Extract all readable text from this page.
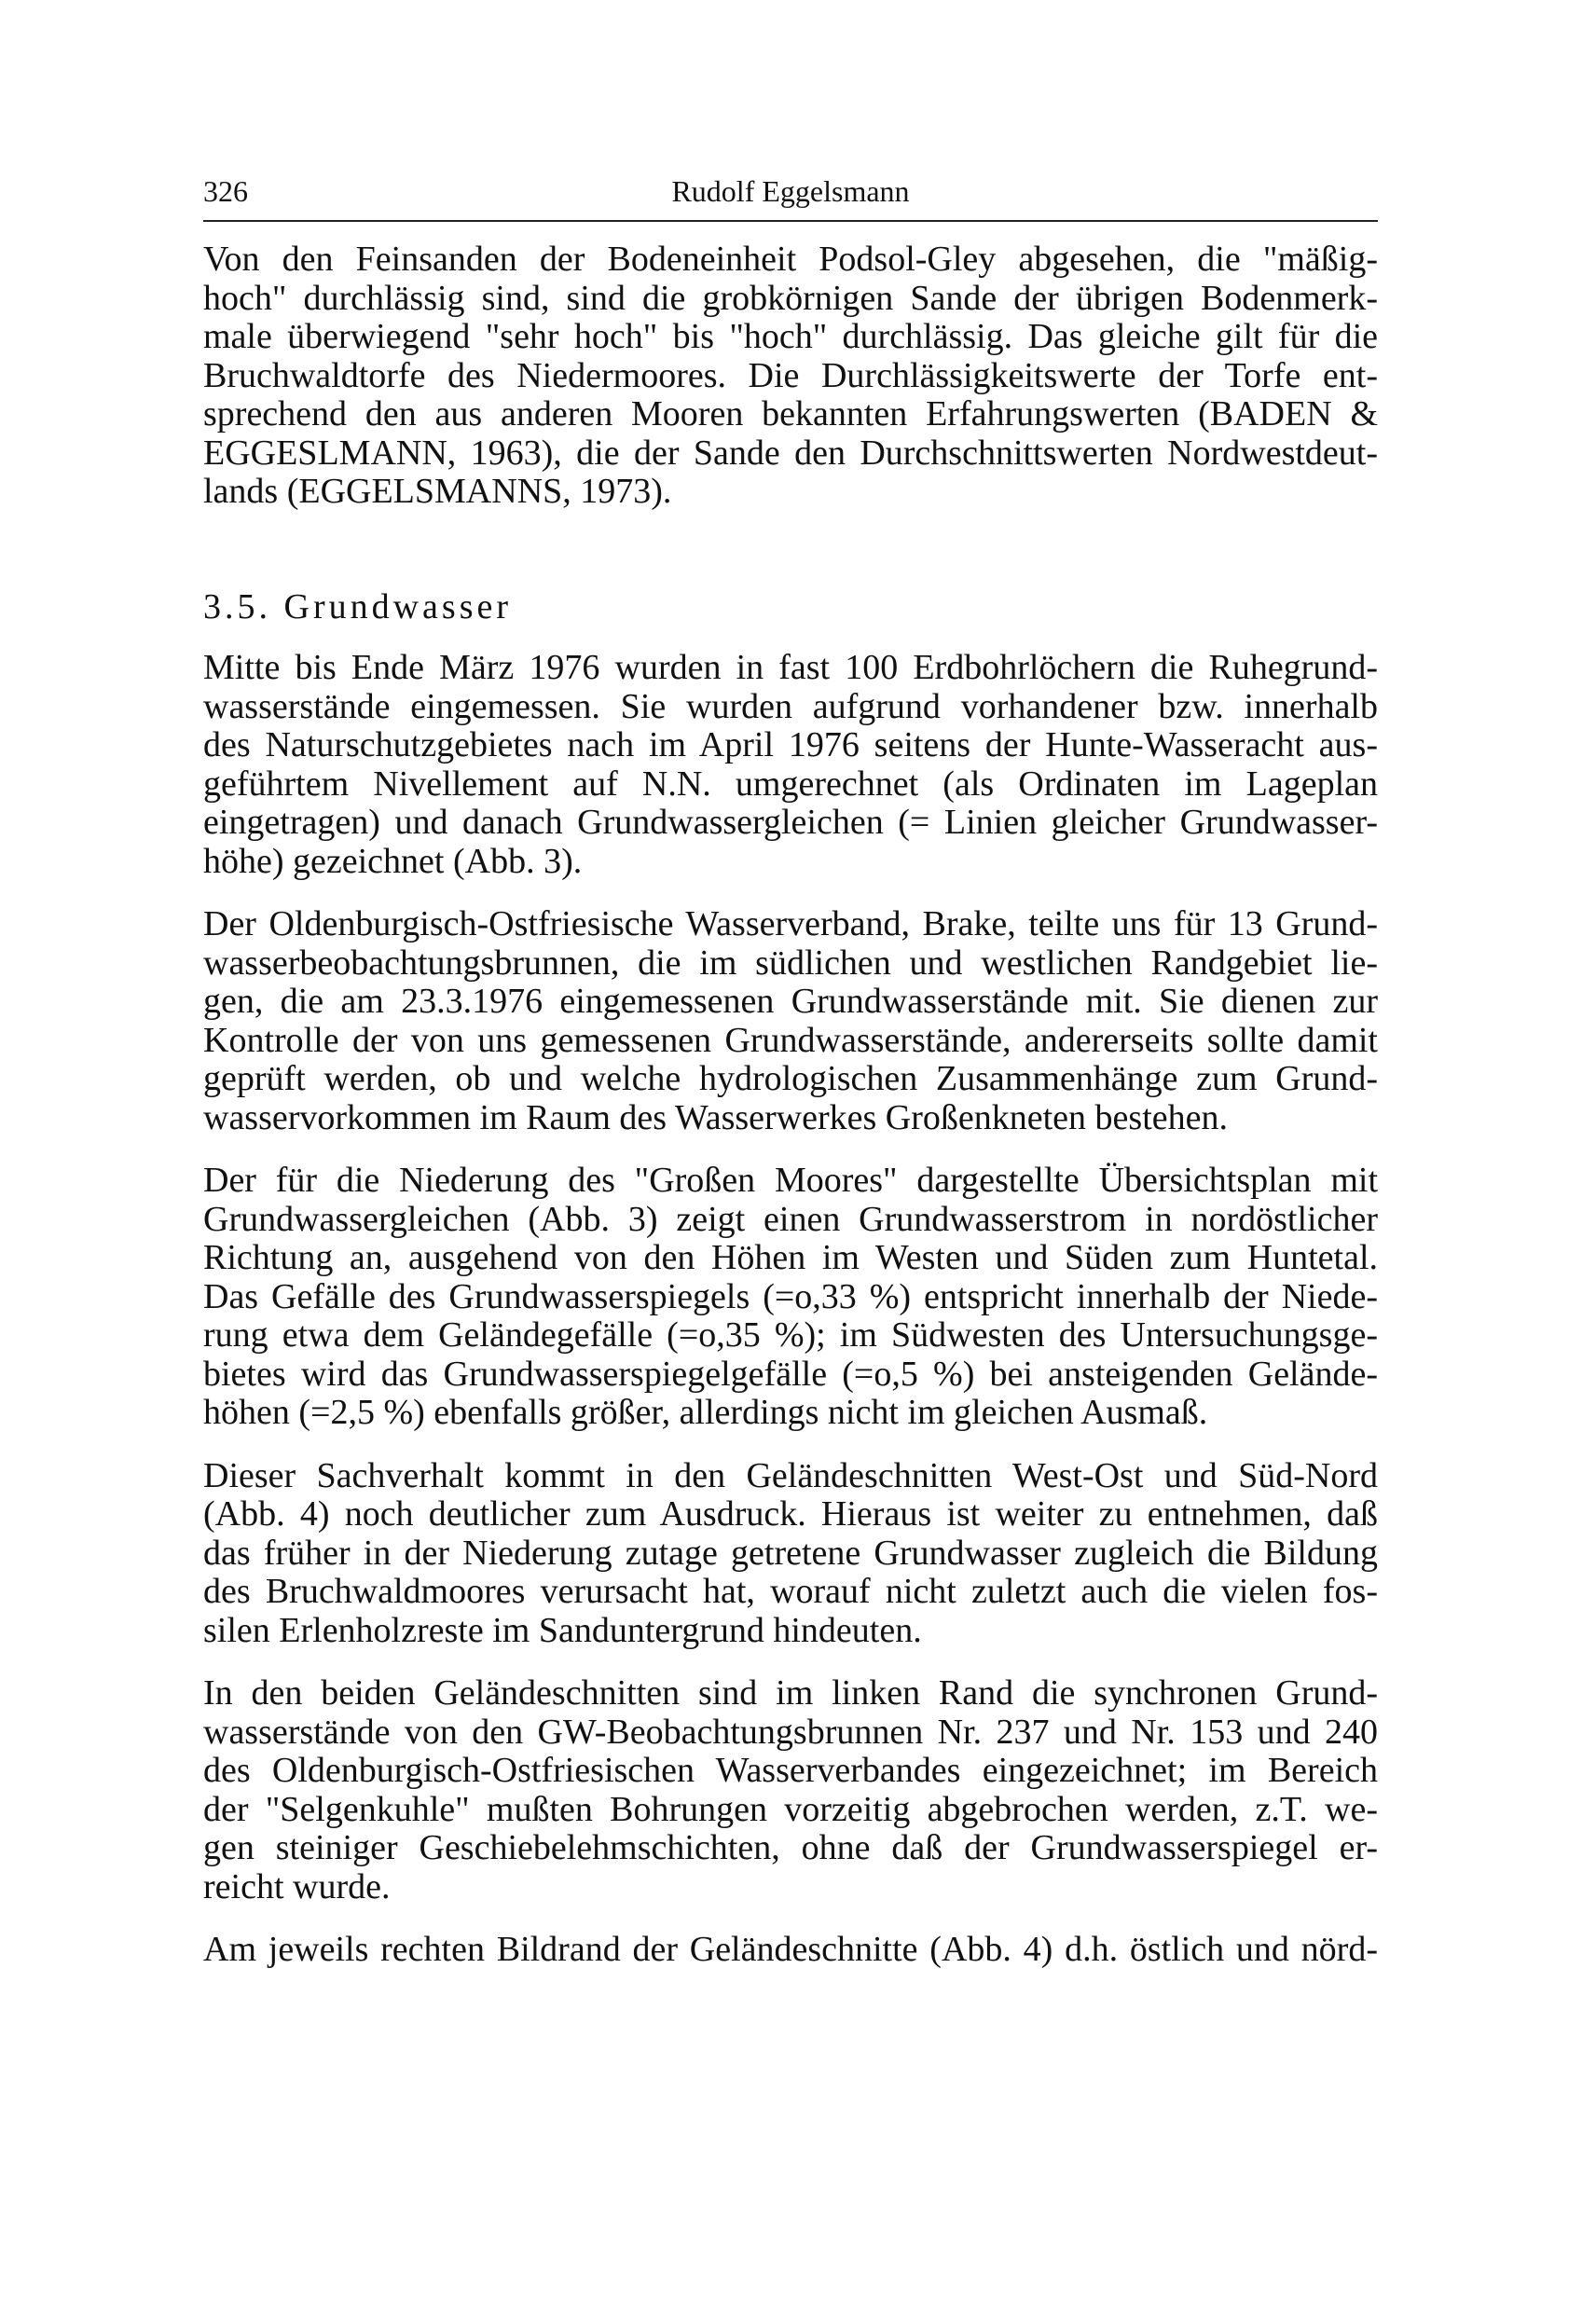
326	Rudolf Eggelsmann

Von den Feinsanden der Bodeneinheit Podsol-Gley abgesehen, die "mäßig-
hoch" durchlässig sind, sind die grobkörnigen Sande der übrigen Bodenmerk-
male überwiegend "sehr hoch" bis "hoch" durchlässig. Das gleiche gilt für die
Bruchwaldtorfe des Niedermoores. Die Durchlässigkeitswerte der Torfe ent-
sprechend den aus anderen Mooren bekannten Erfahrungswerten (BADEN &
EGGESLMANN, 1963), die der Sande den Durchschnittswerten Nordwestdeut-
lands (EGGELSMANNS, 1973).

3.5. Grundwasser

Mitte bis Ende März 1976 wurden in fast 100 Erdbohrlöchern die Ruhegrund-
wasserstände eingemessen. Sie wurden aufgrund vorhandener bzw. innerhalb
des Naturschutzgebietes nach im April 1976 seitens der Hunte-Wasseracht aus-
geführtem Nivellement auf N.N. umgerechnet (als Ordinaten im Lageplan
eingetragen) und danach Grundwassergleichen (= Linien gleicher Grundwasser-
höhe) gezeichnet (Abb. 3).

Der Oldenburgisch-Ostfriesische Wasserverband, Brake, teilte uns für 13 Grund-
wasserbeobachtungsbrunnen, die im südlichen und westlichen Randgebiet lie-
gen, die am 23.3.1976 eingemessenen Grundwasserstände mit. Sie dienen zur
Kontrolle der von uns gemessenen Grundwasserstände, andererseits sollte damit
geprüft werden, ob und welche hydrologischen Zusammenhänge zum Grund-
wasservorkommen im Raum des Wasserwerkes Großenkneten bestehen.

Der für die Niederung des "Großen Moores" dargestellte Übersichtsplan mit
Grundwassergleichen (Abb. 3) zeigt einen Grundwasserstrom in nordöstlicher
Richtung an, ausgehend von den Höhen im Westen und Süden zum Huntetal.
Das Gefälle des Grundwasserspiegels (=o,33 %) entspricht innerhalb der Niede-
rung etwa dem Geländegefälle (=o,35 %); im Südwesten des Untersuchungsge-
bietes wird das Grundwasserspiegelgefälle (=o,5 %) bei ansteigenden Gelände-
höhen (=2,5 %) ebenfalls größer, allerdings nicht im gleichen Ausmaß.

Dieser Sachverhalt kommt in den Geländeschnitten West-Ost und Süd-Nord
(Abb. 4) noch deutlicher zum Ausdruck. Hieraus ist weiter zu entnehmen, daß
das früher in der Niederung zutage getretene Grundwasser zugleich die Bildung
des Bruchwaldmoores verursacht hat, worauf nicht zuletzt auch die vielen fos-
silen Erlenholzreste im Sanduntergrund hindeuten.

In den beiden Geländeschnitten sind im linken Rand die synchronen Grund-
wasserstände von den GW-Beobachtungsbrunnen Nr. 237 und Nr. 153 und 240
des Oldenburgisch-Ostfriesischen Wasserverbandes eingezeichnet; im Bereich
der "Selgenkuhle" mußten Bohrungen vorzeitig abgebrochen werden, z.T. we-
gen steiniger Geschiebelehmschichten, ohne daß der Grundwasserspiegel er-
reicht wurde.

Am jeweils rechten Bildrand der Geländeschnitte (Abb. 4) d.h. östlich und nörd-
